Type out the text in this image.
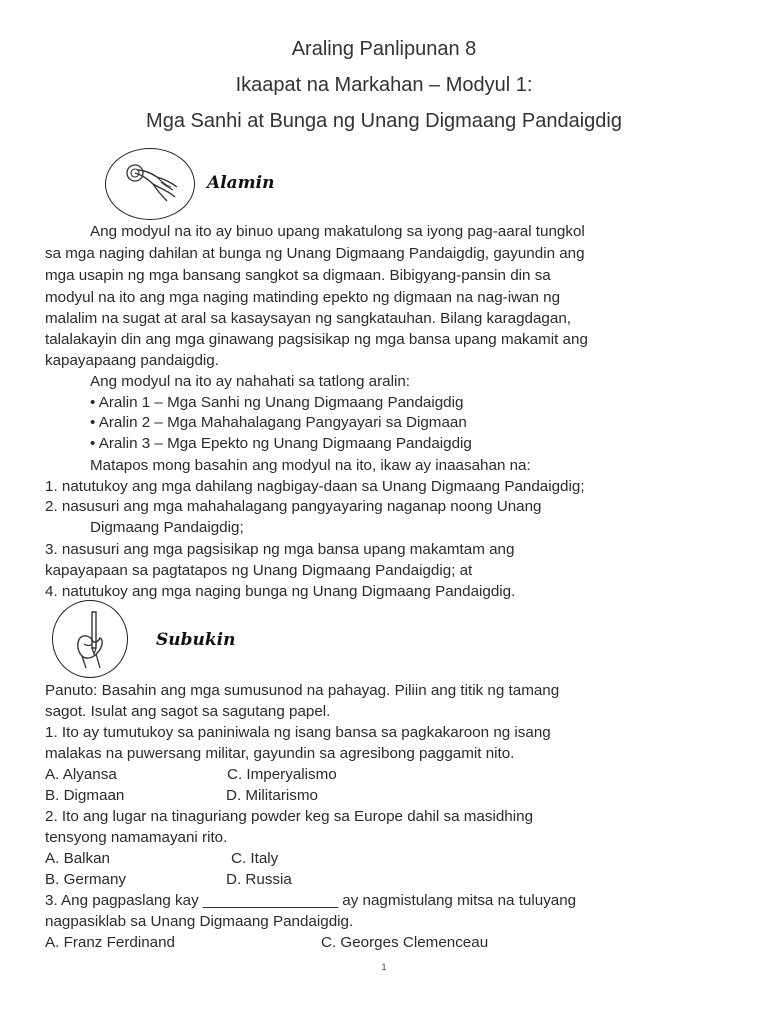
Araling Panlipunan 8
Ikaapat na Markahan – Modyul 1:
Mga Sanhi at Bunga ng Unang Digmaang Pandaigdig
Alamin
Subukin
Ang modyul na ito ay binuo upang makatulong sa iyong pag-aaral tungkol
sa mga naging dahilan at bunga ng Unang Digmaang Pandaigdig, gayundin ang
mga usapin ng mga bansang sangkot sa digmaan. Bibigyang-pansin din sa
modyul na ito ang mga naging matinding epekto ng digmaan na nag-iwan ng
malalim na sugat at aral sa kasaysayan ng sangkatauhan. Bilang karagdagan,
talalakayin din ang mga ginawang pagsisikap ng mga bansa upang makamit ang
kapayapaang pandaigdig.
Ang modyul na ito ay nahahati sa tatlong aralin:
• Aralin 1 – Mga Sanhi ng Unang Digmaang Pandaigdig
• Aralin 2 – Mga Mahahalagang Pangyayari sa Digmaan
• Aralin 3 – Mga Epekto ng Unang Digmaang Pandaigdig
Matapos mong basahin ang modyul na ito, ikaw ay inaasahan na:
1. natutukoy ang mga dahilang nagbigay-daan sa Unang Digmaang Pandaigdig;
2. nasusuri ang mga mahahalagang pangyayaring naganap noong Unang
Digmaang Pandaigdig;
3. nasusuri ang mga pagsisikap ng mga bansa upang makamtam ang
kapayapaan sa pagtatapos ng Unang Digmaang Pandaigdig; at
4. natutukoy ang mga naging bunga ng Unang Digmaang Pandaigdig.
Panuto: Basahin ang mga sumusunod na pahayag. Piliin ang titik ng tamang
sagot. Isulat ang sagot sa sagutang papel.
1. Ito ay tumutukoy sa paniniwala ng isang bansa sa pagkakaroon ng isang
malakas na puwersang militar, gayundin sa agresibong paggamit nito.
A. Alyansa	C. Imperyalismo
B. Digmaan	D. Militarismo
2. Ito ang lugar na tinaguriang powder keg sa Europe dahil sa masidhing
tensyong namamayani rito.
A. Balkan	C. Italy
B. Germany	D. Russia
3. Ang pagpaslang kay ________________ ay nagmistulang mitsa na tuluyang
nagpasiklab sa Unang Digmaang Pandaigdig.
A. Franz Ferdinand	C. Georges Clemenceau
1
